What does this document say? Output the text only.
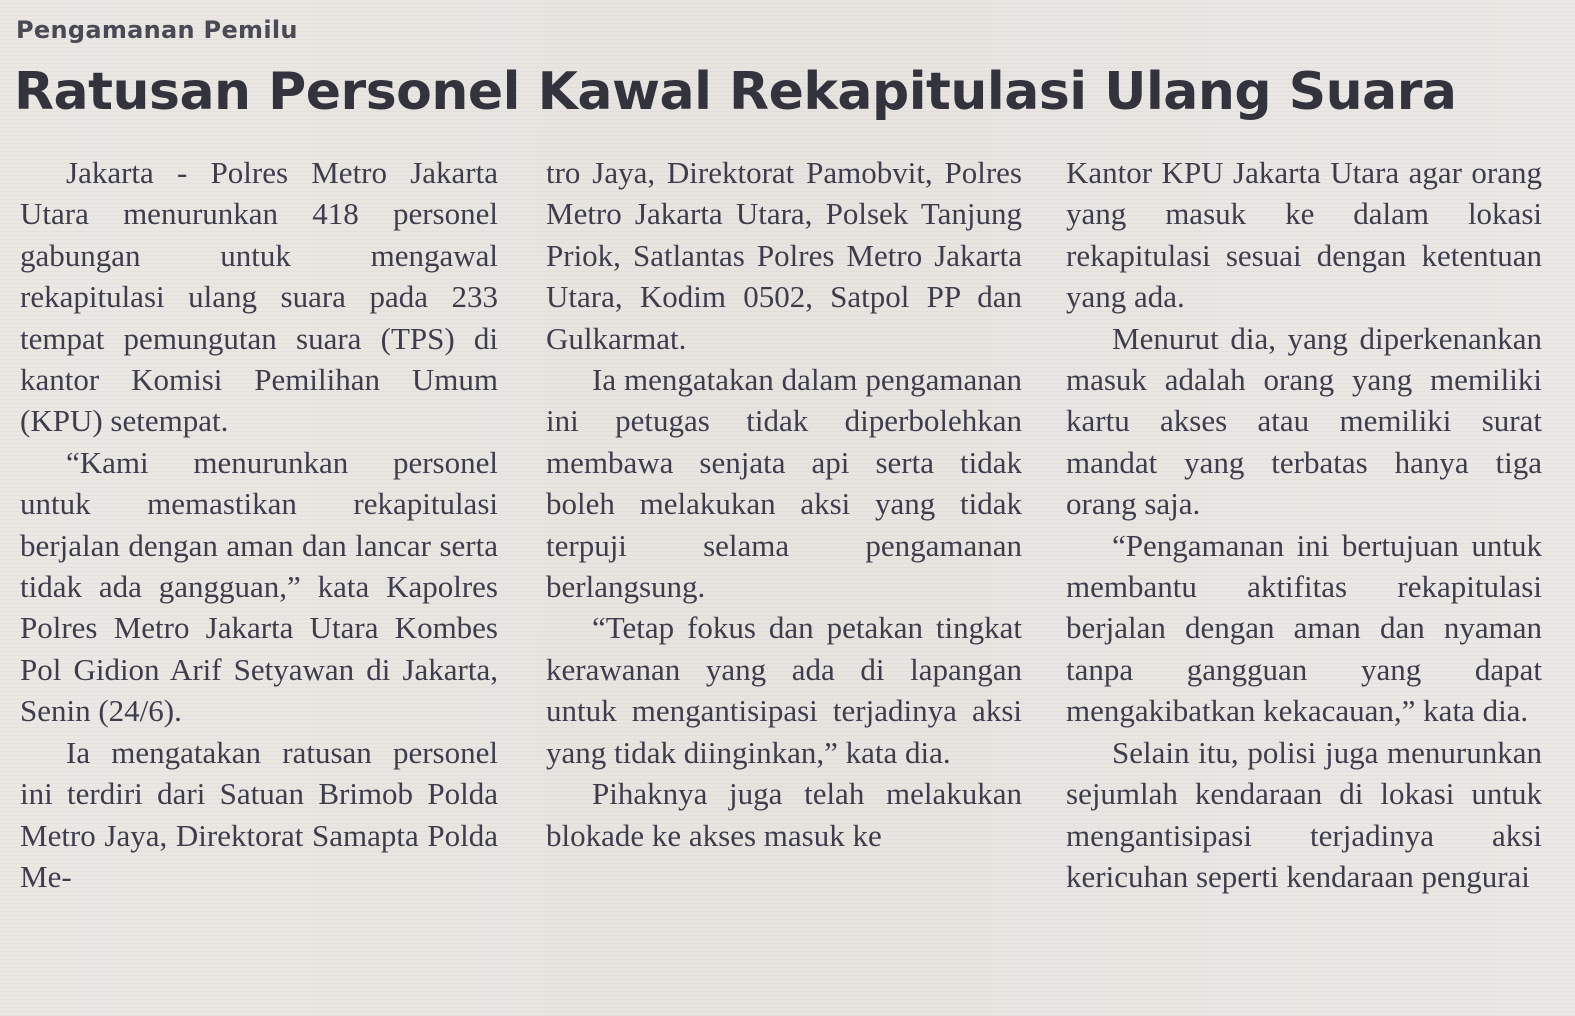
Pengamanan Pemilu
Ratusan Personel Kawal Rekapitulasi Ulang Suara

Jakarta - Polres Metro Jakarta Utara menurunkan 418 personel gabungan untuk mengawal rekapitulasi ulang suara pada 233 tempat pemungutan suara (TPS) di kantor Komisi Pemilihan Umum (KPU) setempat.

“Kami menurunkan personel untuk memastikan rekapitulasi berjalan dengan aman dan lancar serta tidak ada gangguan,” kata Kapolres Polres Metro Jakarta Utara Kombes Pol Gidion Arif Setyawan di Jakarta, Senin (24/6).

Ia mengatakan ratusan personel ini terdiri dari Satuan Brimob Polda Metro Jaya, Direktorat Samapta Polda Me-

tro Jaya, Direktorat Pamobvit, Polres Metro Jakarta Utara, Polsek Tanjung Priok, Satlantas Polres Metro Jakarta Utara, Kodim 0502, Satpol PP dan Gulkarmat.

Ia mengatakan dalam pengamanan ini petugas tidak diperbolehkan membawa senjata api serta tidak boleh melakukan aksi yang tidak terpuji selama pengamanan berlangsung.

“Tetap fokus dan petakan tingkat kerawanan yang ada di lapangan untuk mengantisipasi terjadinya aksi yang tidak diinginkan,” kata dia.

Pihaknya juga telah melakukan blokade ke akses masuk ke

Kantor KPU Jakarta Utara agar orang yang masuk ke dalam lokasi rekapitulasi sesuai dengan ketentuan yang ada.

Menurut dia, yang diperkenankan masuk adalah orang yang memiliki kartu akses atau memiliki surat mandat yang terbatas hanya tiga orang saja.

“Pengamanan ini bertujuan untuk membantu aktifitas rekapitulasi berjalan dengan aman dan nyaman tanpa gangguan yang dapat mengakibatkan kekacauan,” kata dia.

Selain itu, polisi juga menurunkan sejumlah kendaraan di lokasi untuk mengantisipasi terjadinya aksi kericuhan seperti kendaraan pengurai
